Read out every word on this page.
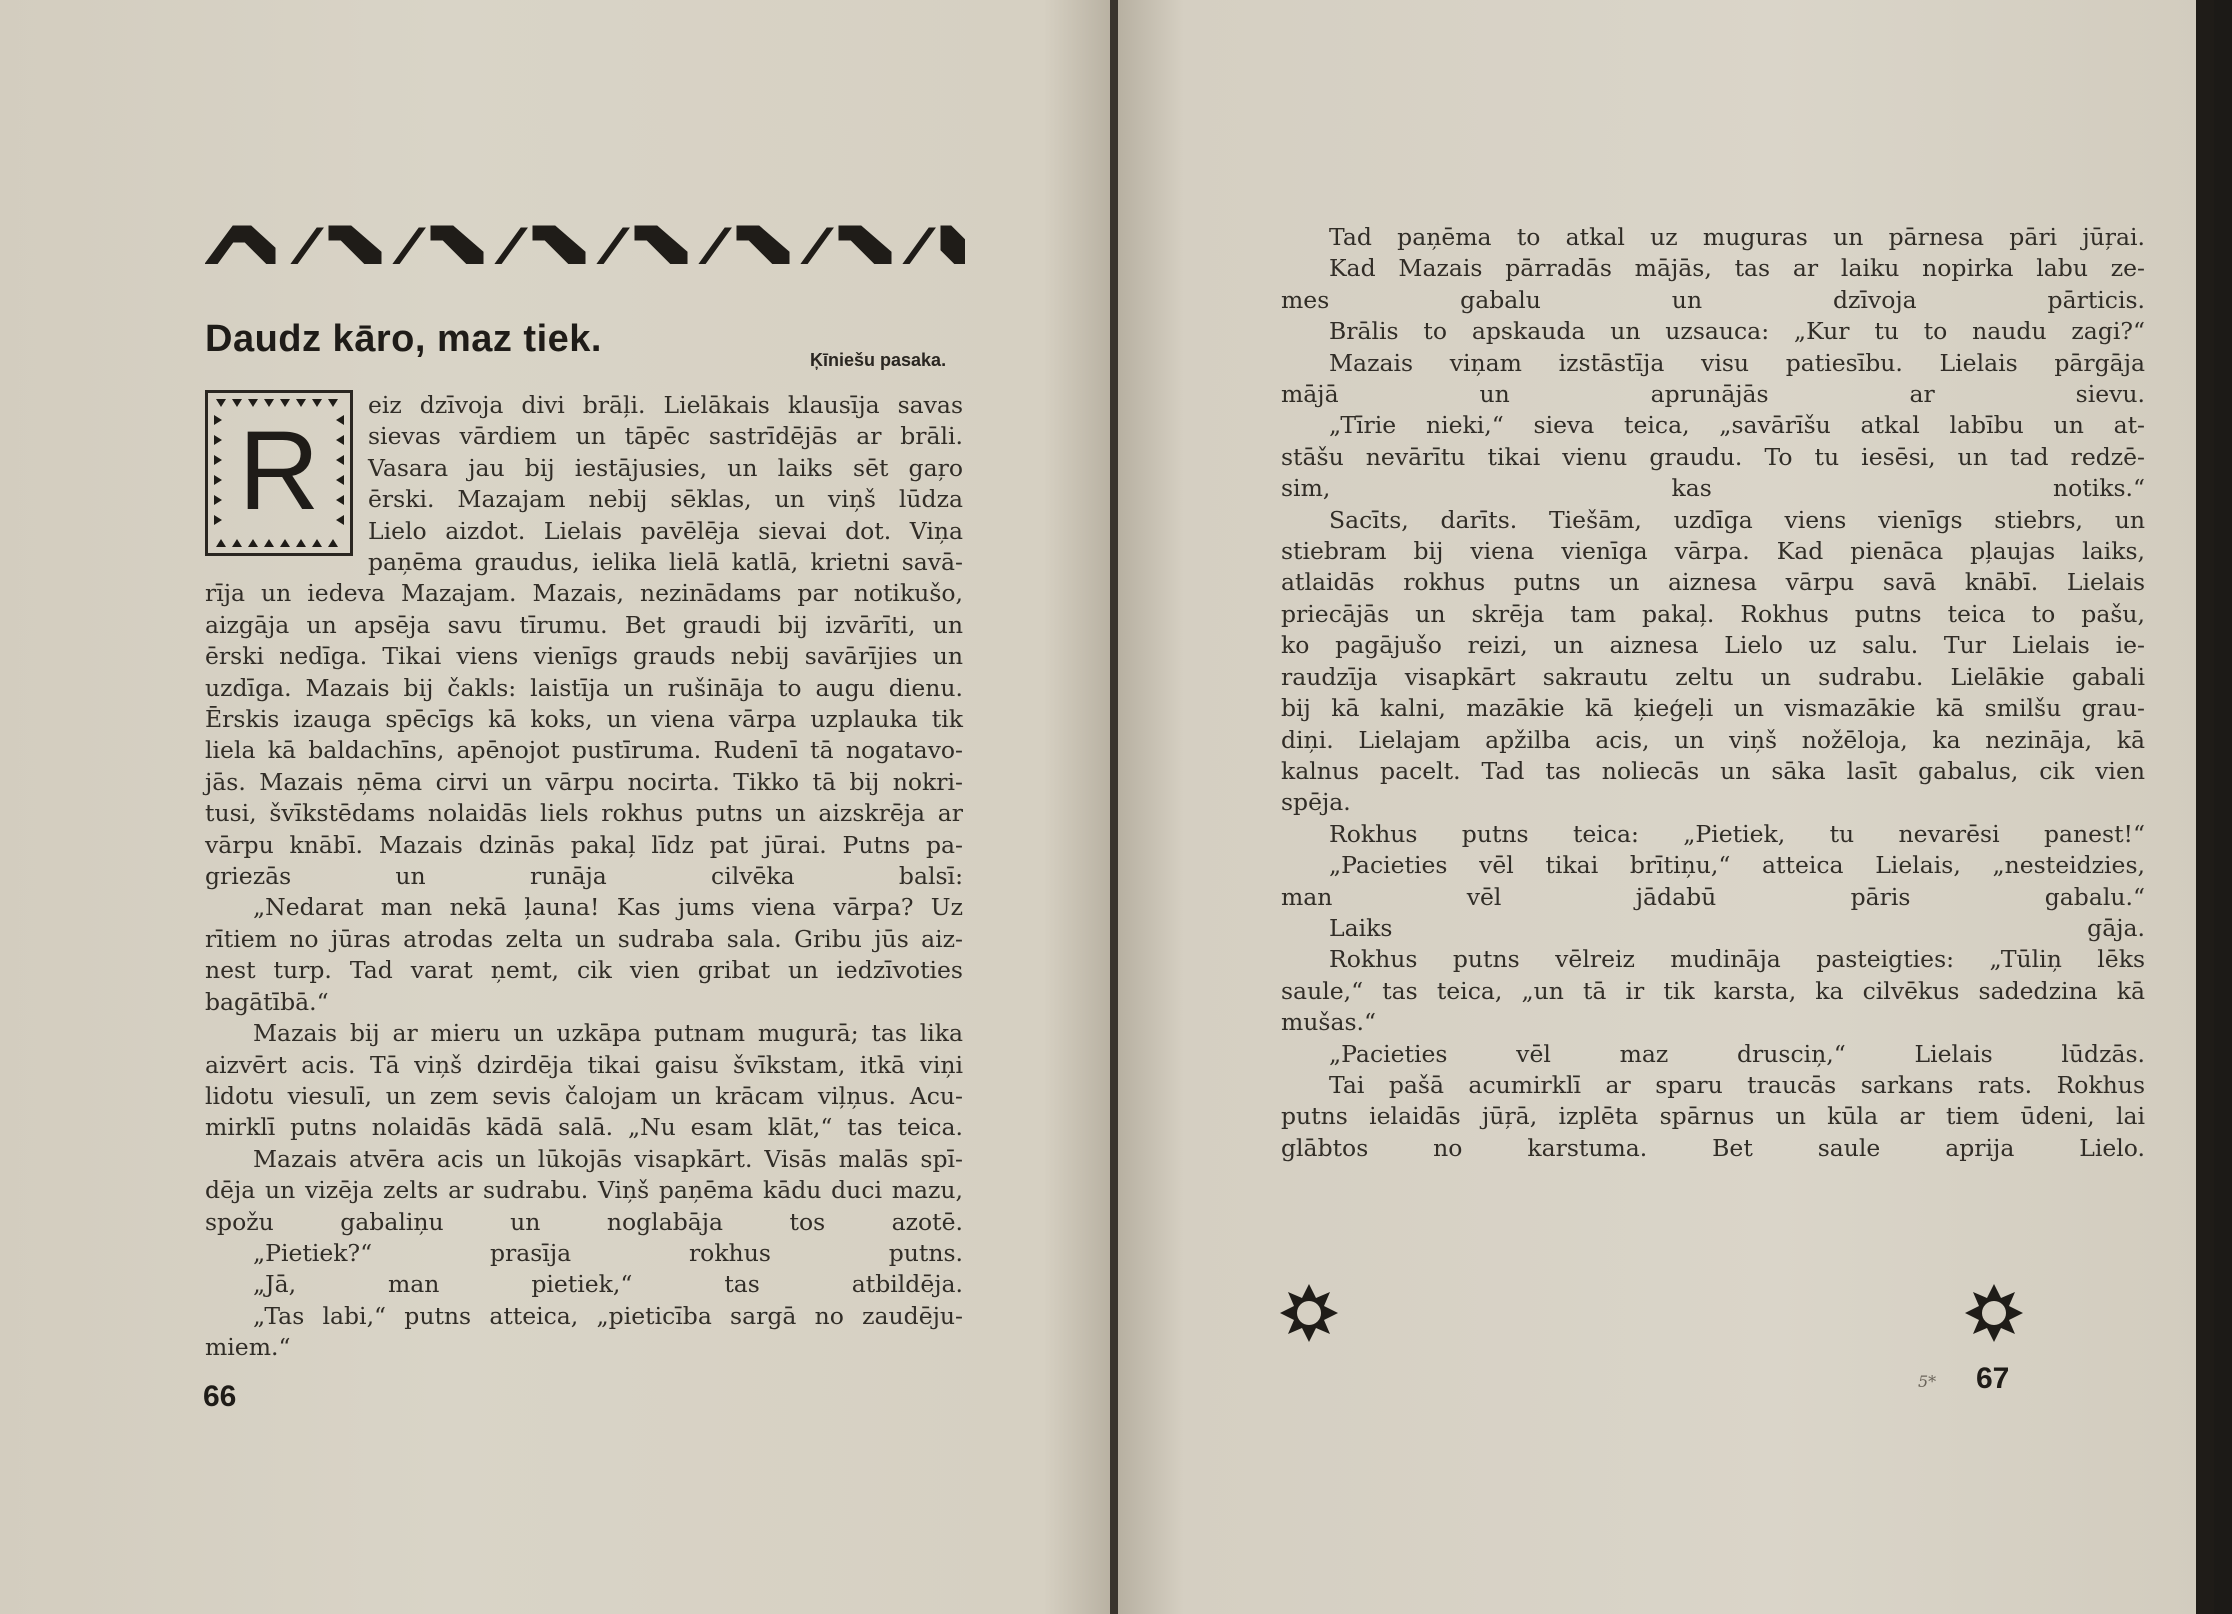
Daudz kāro, maz tiek.	Ķīniešu pasaka.
R
eiz dzīvoja divi brāļi. Lielākais klausīja savas
sievas vārdiem un tāpēc sastrīdējās ar brāli.
Vasara jau bij iestājusies, un laiks sēt gaŗo
ērski. Mazajam nebij sēklas, un viņš lūdza
Lielo aizdot. Lielais pavēlēja sievai dot. Viņa
paņēma graudus, ielika lielā katlā, krietni savā-
rīja un iedeva Mazajam. Mazais, nezinādams par notikušo,
aizgāja un apsēja savu tīrumu. Bet graudi bij izvārīti, un
ērski nedīga. Tikai viens vienīgs grauds nebij savārījies un
uzdīga. Mazais bij čakls: laistīja un rušināja to augu dienu.
Ērskis izauga spēcīgs kā koks, un viena vārpa uzplauka tik
liela kā baldachīns, apēnojot pustīruma. Rudenī tā nogatavo-
jās. Mazais ņēma cirvi un vārpu nocirta. Tikko tā bij nokri-
tusi, švīkstēdams nolaidās liels rokhus putns un aizskrēja ar
vārpu knābī. Mazais dzinās pakaļ līdz pat jūrai. Putns pa-
griezās un runāja cilvēka balsī:
„Nedarat man nekā ļauna! Kas jums viena vārpa? Uz
rītiem no jūras atrodas zelta un sudraba sala. Gribu jūs aiz-
nest turp. Tad varat ņemt, cik vien gribat un iedzīvoties
bagātībā.“
Mazais bij ar mieru un uzkāpa putnam mugurā; tas lika
aizvērt acis. Tā viņš dzirdēja tikai gaisu švīkstam, itkā viņi
lidotu viesulī, un zem sevis čalojam un krācam viļņus. Acu-
mirklī putns nolaidās kādā salā. „Nu esam klāt,“ tas teica.
Mazais atvēra acis un lūkojās visapkārt. Visās malās spī-
dēja un vizēja zelts ar sudrabu. Viņš paņēma kādu duci mazu,
spožu gabaliņu un noglabāja tos azotē.
„Pietiek?“ prasīja rokhus putns.
„Jā, man pietiek,“ tas atbildēja.
„Tas labi,“ putns atteica, „pieticība sargā no zaudēju-
miem.“
66
Tad paņēma to atkal uz muguras un pārnesa pāri jūŗai.
Kad Mazais pārradās mājās, tas ar laiku nopirka labu ze-
mes gabalu un dzīvoja pārticis.
Brālis to apskauda un uzsauca: „Kur tu to naudu zagi?“
Mazais viņam izstāstīja visu patiesību. Lielais pārgāja
mājā un aprunājās ar sievu.
„Tīrie nieki,“ sieva teica, „savārīšu atkal labību un at-
stāšu nevārītu tikai vienu graudu. To tu iesēsi, un tad redzē-
sim, kas notiks.“
Sacīts, darīts. Tiešām, uzdīga viens vienīgs stiebrs, un
stiebram bij viena vienīga vārpa. Kad pienāca pļaujas laiks,
atlaidās rokhus putns un aiznesa vārpu savā knābī. Lielais
priecājās un skrēja tam pakaļ. Rokhus putns teica to pašu,
ko pagājušo reizi, un aiznesa Lielo uz salu. Tur Lielais ie-
raudzīja visapkārt sakrautu zeltu un sudrabu. Lielākie gabali
bij kā kalni, mazākie kā ķieģeļi un vismazākie kā smilšu grau-
diņi. Lielajam apžilba acis, un viņš nožēloja, ka nezināja, kā
kalnus pacelt. Tad tas noliecās un sāka lasīt gabalus, cik vien
spēja.
Rokhus putns teica: „Pietiek, tu nevarēsi panest!“
„Pacieties vēl tikai brītiņu,“ atteica Lielais, „nesteidzies,
man vēl jādabū pāris gabalu.“
Laiks gāja.
Rokhus putns vēlreiz mudināja pasteigties: „Tūliņ lēks
saule,“ tas teica, „un tā ir tik karsta, ka cilvēkus sadedzina kā
mušas.“
„Pacieties vēl maz drusciņ,“ Lielais lūdzās.
Tai pašā acumirklī ar sparu traucās sarkans rats. Rokhus
putns ielaidās jūŗā, izplēta spārnus un kūla ar tiem ūdeni, lai
glābtos no karstuma. Bet saule aprija Lielo.
67
5*
